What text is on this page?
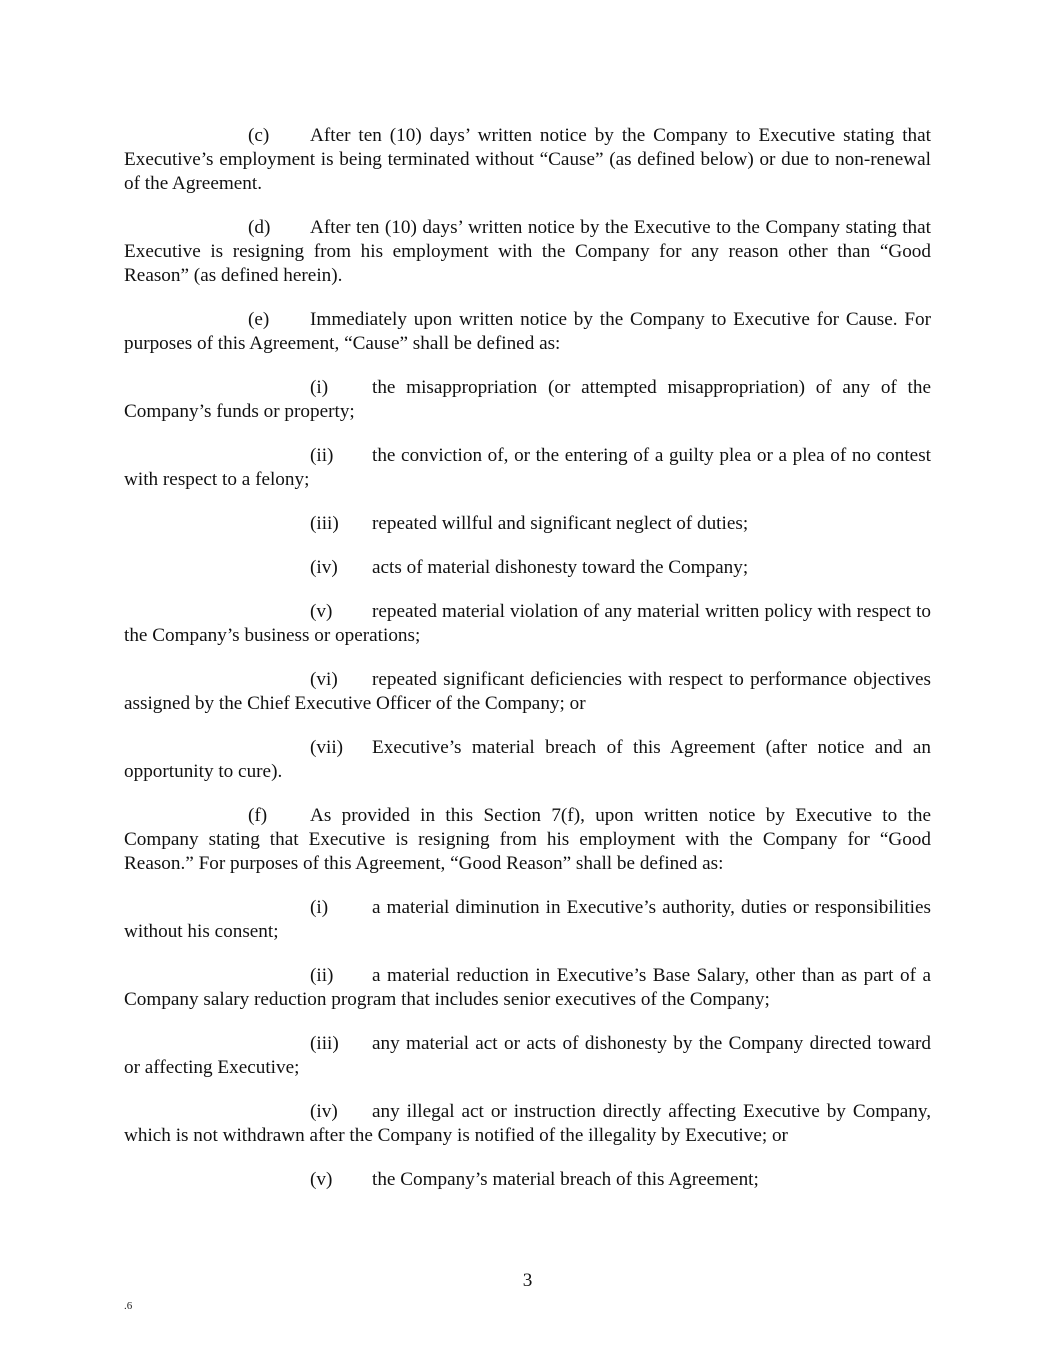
(c) After ten (10) days’ written notice by the Company to Executive stating that Executive’s employment is being terminated without “Cause” (as defined below) or due to non-renewal of the Agreement.

(d) After ten (10) days’ written notice by the Executive to the Company stating that Executive is resigning from his employment with the Company for any reason other than “Good Reason” (as defined herein).

(e) Immediately upon written notice by the Company to Executive for Cause. For purposes of this Agreement, “Cause” shall be defined as:

(i) the misappropriation (or attempted misappropriation) of any of the Company’s funds or property;

(ii) the conviction of, or the entering of a guilty plea or a plea of no contest with respect to a felony;

(iii) repeated willful and significant neglect of duties;

(iv) acts of material dishonesty toward the Company;

(v) repeated material violation of any material written policy with respect to the Company’s business or operations;

(vi) repeated significant deficiencies with respect to performance objectives assigned by the Chief Executive Officer of the Company; or

(vii) Executive’s material breach of this Agreement (after notice and an opportunity to cure).

(f) As provided in this Section 7(f), upon written notice by Executive to the Company stating that Executive is resigning from his employment with the Company for “Good Reason.” For purposes of this Agreement, “Good Reason” shall be defined as:

(i) a material diminution in Executive’s authority, duties or responsibilities without his consent;

(ii) a material reduction in Executive’s Base Salary, other than as part of a Company salary reduction program that includes senior executives of the Company;

(iii) any material act or acts of dishonesty by the Company directed toward or affecting Executive;

(iv) any illegal act or instruction directly affecting Executive by Company, which is not withdrawn after the Company is notified of the illegality by Executive; or

(v) the Company’s material breach of this Agreement;

3
.6
